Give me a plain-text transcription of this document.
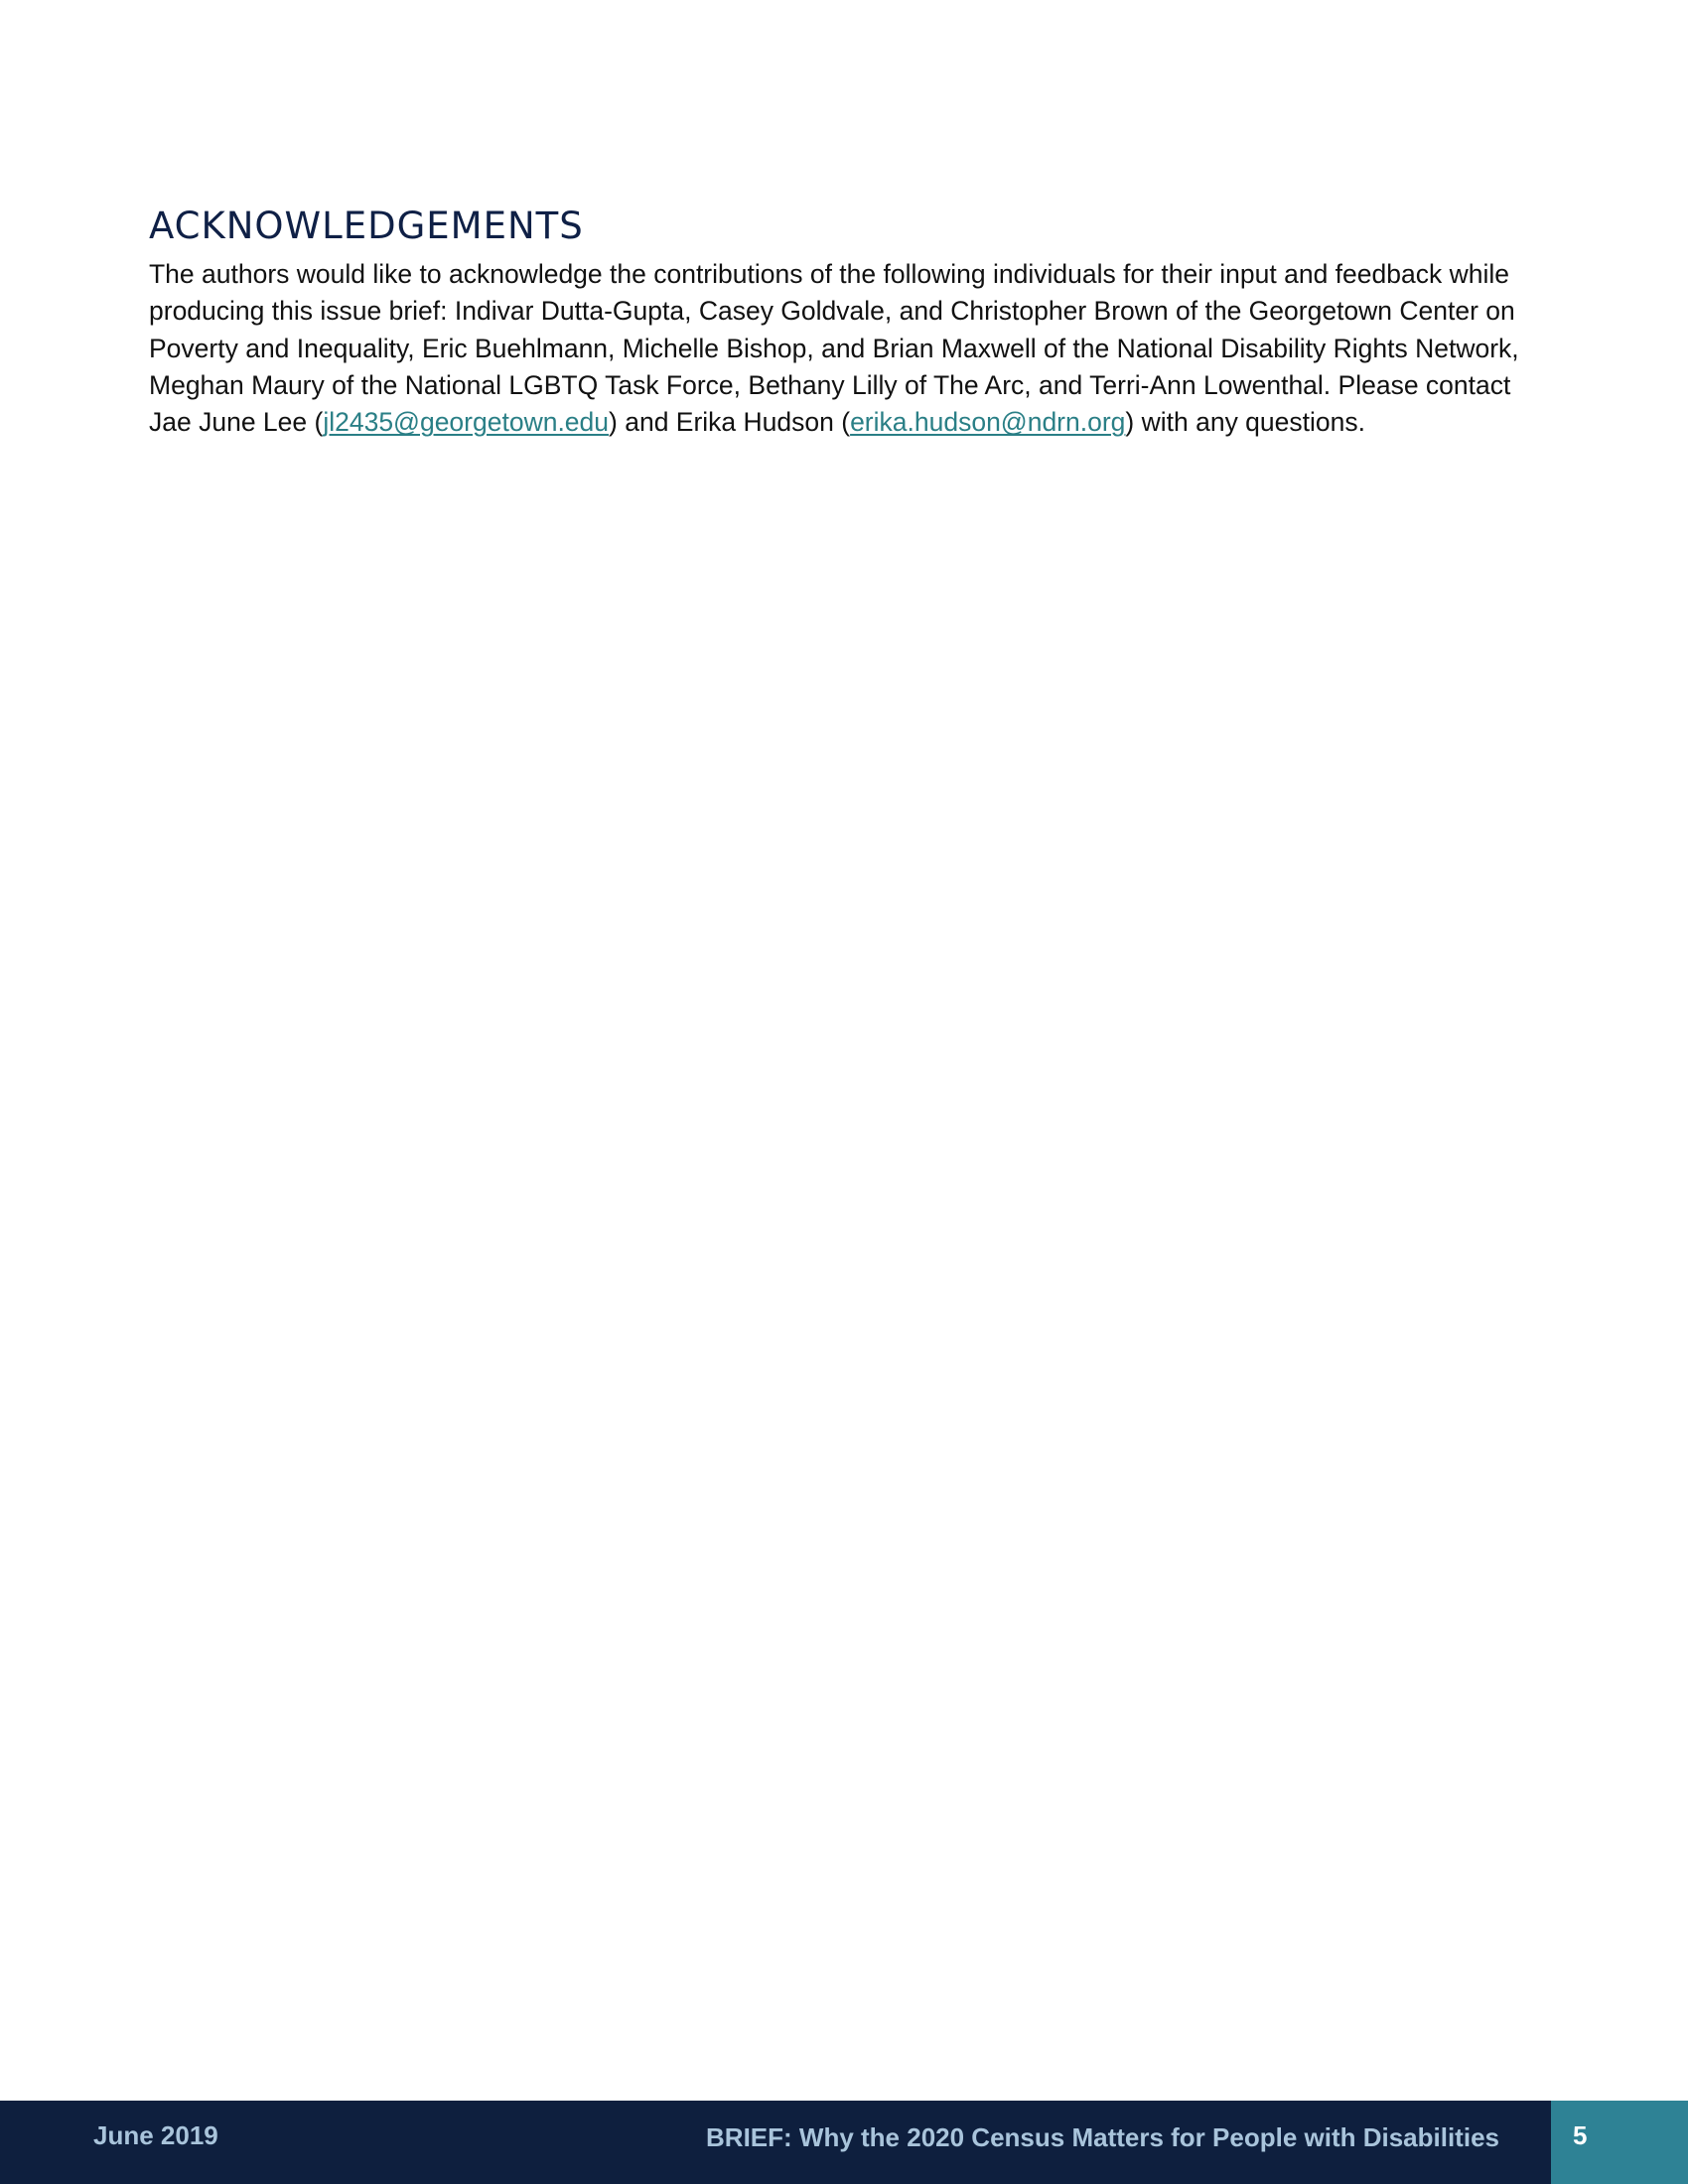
ACKNOWLEDGEMENTS

The authors would like to acknowledge the contributions of the following individuals for their input and feedback while producing this issue brief: Indivar Dutta-Gupta, Casey Goldvale, and Christopher Brown of the Georgetown Center on Poverty and Inequality, Eric Buehlmann, Michelle Bishop, and Brian Maxwell of the National Disability Rights Network, Meghan Maury of the National LGBTQ Task Force, Bethany Lilly of The Arc, and Terri-Ann Lowenthal. Please contact Jae June Lee (jl2435@georgetown.edu) and Erika Hudson (erika.hudson@ndrn.org) with any questions.

June 2019	BRIEF: Why the 2020 Census Matters for People with Disabilities	5
